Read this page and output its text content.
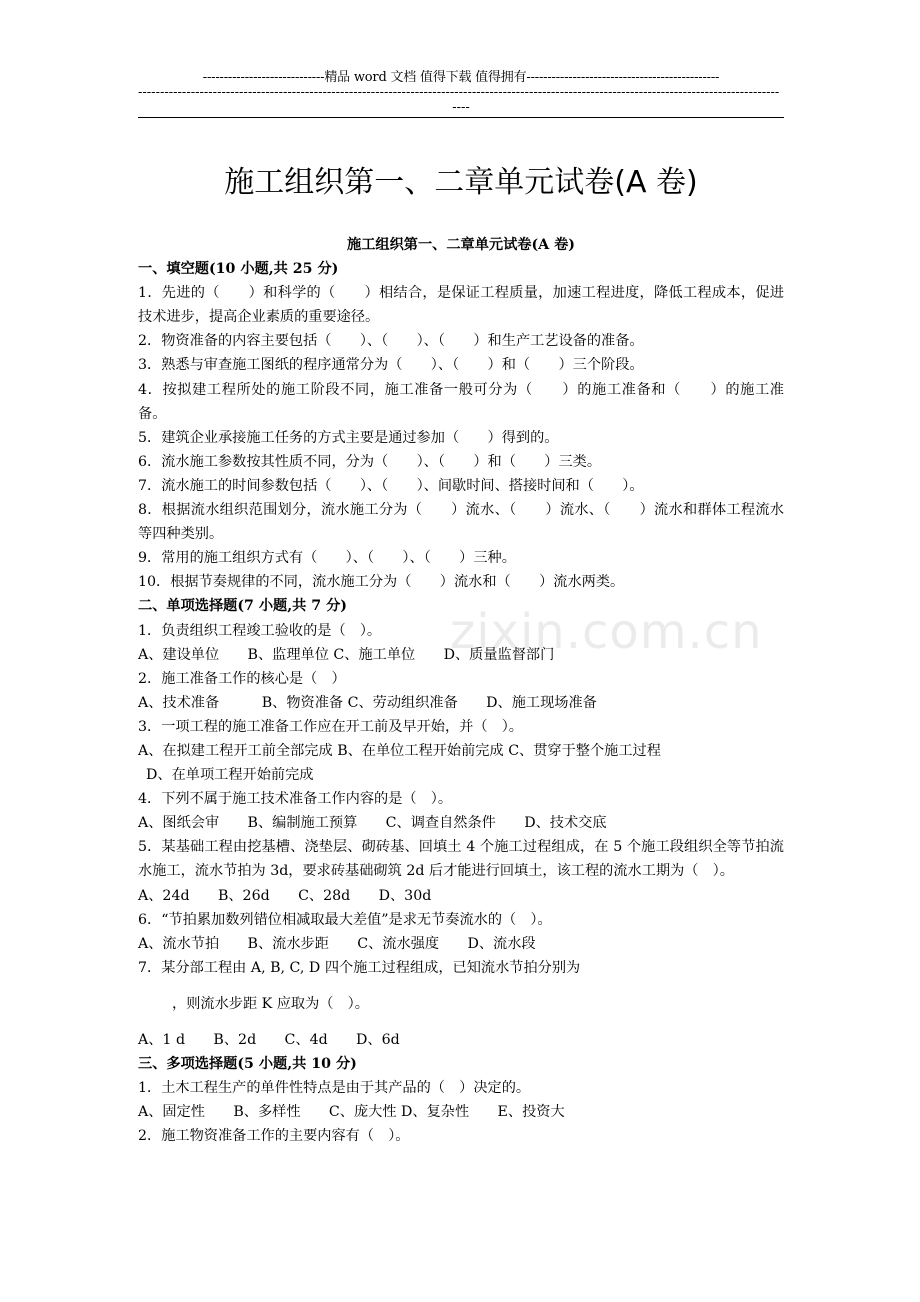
zixin.com.cn
-----------------------------精品 word 文档 值得下载 值得拥有----------------------------------------------
--------------------------------------------------------------------------------------------------------------------------------------------------
----
施工组织第一、二章单元试卷(A 卷)
施工组织第一、二章单元试卷(A 卷)
一、填空题(10 小题,共 25 分)

1．先进的（　　）和科学的（　　）相结合，是保证工程质量，加速工程进度，降低工程成本，促进技术进步，提高企业素质的重要途径。

2．物资准备的内容主要包括（　　）、（　　）、（　　）和生产工艺设备的准备。

3．熟悉与审查施工图纸的程序通常分为（　　）、（　　）和（　　）三个阶段。

4．按拟建工程所处的施工阶段不同，施工准备一般可分为（　　）的施工准备和（　　）的施工准备。

5．建筑企业承接施工任务的方式主要是通过参加（　　）得到的。

6．流水施工参数按其性质不同，分为（　　）、（　　）和（　　）三类。

7．流水施工的时间参数包括（　　）、（　　）、间歇时间、搭接时间和（　　）。

8．根据流水组织范围划分，流水施工分为（　　）流水、（　　）流水、（　　）流水和群体工程流水等四种类别。

9．常用的施工组织方式有（　　）、（　　）、（　　）三种。

10．根据节奏规律的不同，流水施工分为（　　）流水和（　　）流水两类。

二、单项选择题(7 小题,共 7 分)

1．负责组织工程竣工验收的是（　）。

A、建设单位　　B、监理单位 C、施工单位　　D、质量监督部门

2．施工准备工作的核心是（　）

A、技术准备　　　B、物资准备 C、劳动组织准备　　D、施工现场准备

3．一项工程的施工准备工作应在开工前及早开始，并（　）。

A、在拟建工程开工前全部完成 B、在单位工程开始前完成 C、贯穿于整个施工过程

D、在单项工程开始前完成

4．下列不属于施工技术准备工作内容的是（　）。

A、图纸会审　　B、编制施工预算　　C、调查自然条件　　D、技术交底

5．某基础工程由挖基槽、浇垫层、砌砖基、回填土 4 个施工过程组成，在 5 个施工段组织全等节拍流水施工，流水节拍为 3d，要求砖基础砌筑 2d 后才能进行回填土，该工程的流水工期为（　）。

A、24d　　B、26d　　C、28d　　D、30d

6．“节拍累加数列错位相减取最大差值”是求无节奏流水的（　）。

A、流水节拍　　B、流水步距　　C、流水强度　　D、流水段

7．某分部工程由 A, B, C, D 四个施工过程组成，已知流水节拍分别为

，则流水步距 K 应取为（　）。

A、1 d　　B、2d　　C、4d　　D、6d

三、多项选择题(5 小题,共 10 分)

1．土木工程生产的单件性特点是由于其产品的（　）决定的。

A、固定性　　B、多样性　　C、庞大性 D、复杂性　　E、投资大

2．施工物资准备工作的主要内容有（　）。
